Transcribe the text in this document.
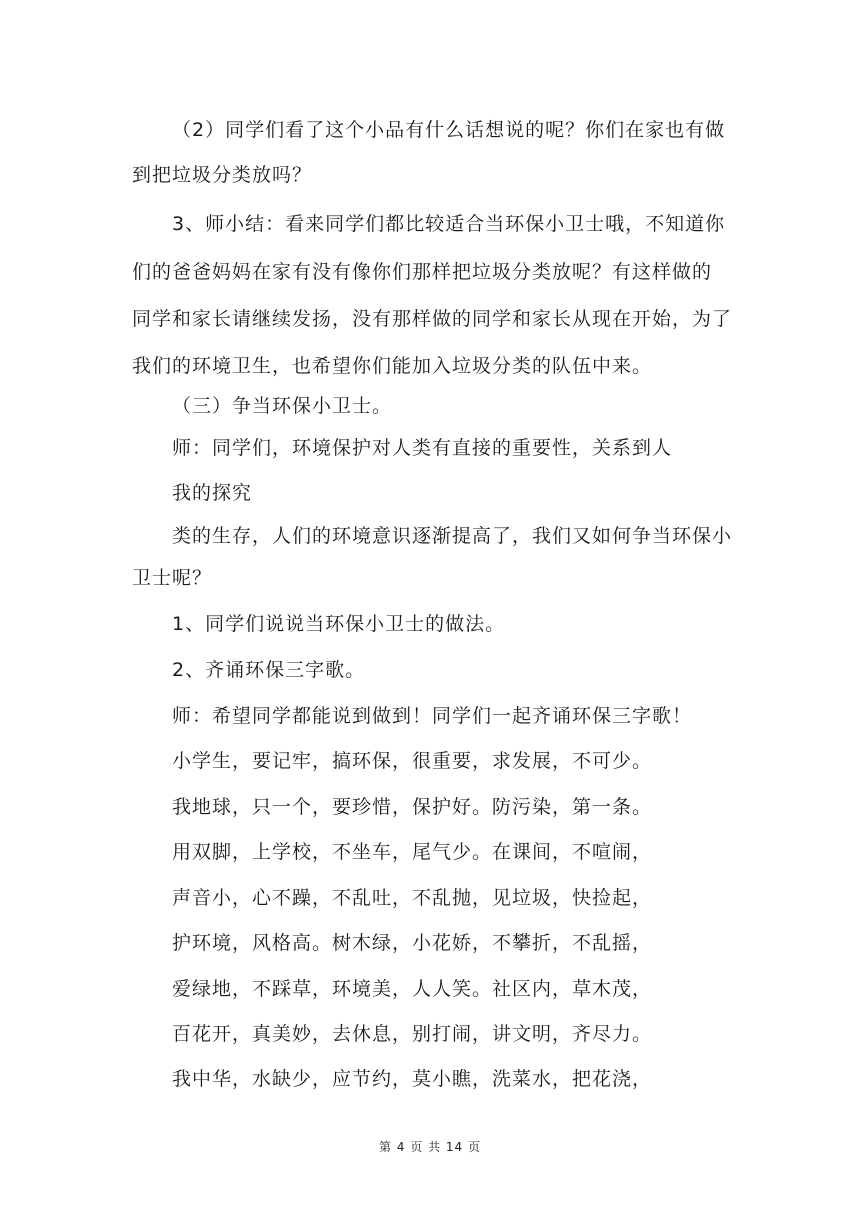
（2）同学们看了这个小品有什么话想说的呢？你们在家也有做
到把垃圾分类放吗？
3、师小结：看来同学们都比较适合当环保小卫士哦，不知道你
们的爸爸妈妈在家有没有像你们那样把垃圾分类放呢？有这样做的
同学和家长请继续发扬，没有那样做的同学和家长从现在开始，为了
我们的环境卫生，也希望你们能加入垃圾分类的队伍中来。
（三）争当环保小卫士。
师：同学们，环境保护对人类有直接的重要性，关系到人
我的探究
类的生存，人们的环境意识逐渐提高了，我们又如何争当环保小
卫士呢？
1、同学们说说当环保小卫士的做法。
2、齐诵环保三字歌。
师：希望同学都能说到做到！同学们一起齐诵环保三字歌！
小学生，要记牢，搞环保，很重要，求发展，不可少。
我地球，只一个，要珍惜，保护好。防污染，第一条。
用双脚，上学校，不坐车，尾气少。在课间，不喧闹，
声音小，心不躁，不乱吐，不乱抛，见垃圾，快捡起，
护环境，风格高。树木绿，小花娇，不攀折，不乱摇，
爱绿地，不踩草，环境美，人人笑。社区内，草木茂，
百花开，真美妙，去休息，别打闹，讲文明，齐尽力。
我中华，水缺少，应节约，莫小瞧，洗菜水，把花浇，
第 4 页 共 14 页
